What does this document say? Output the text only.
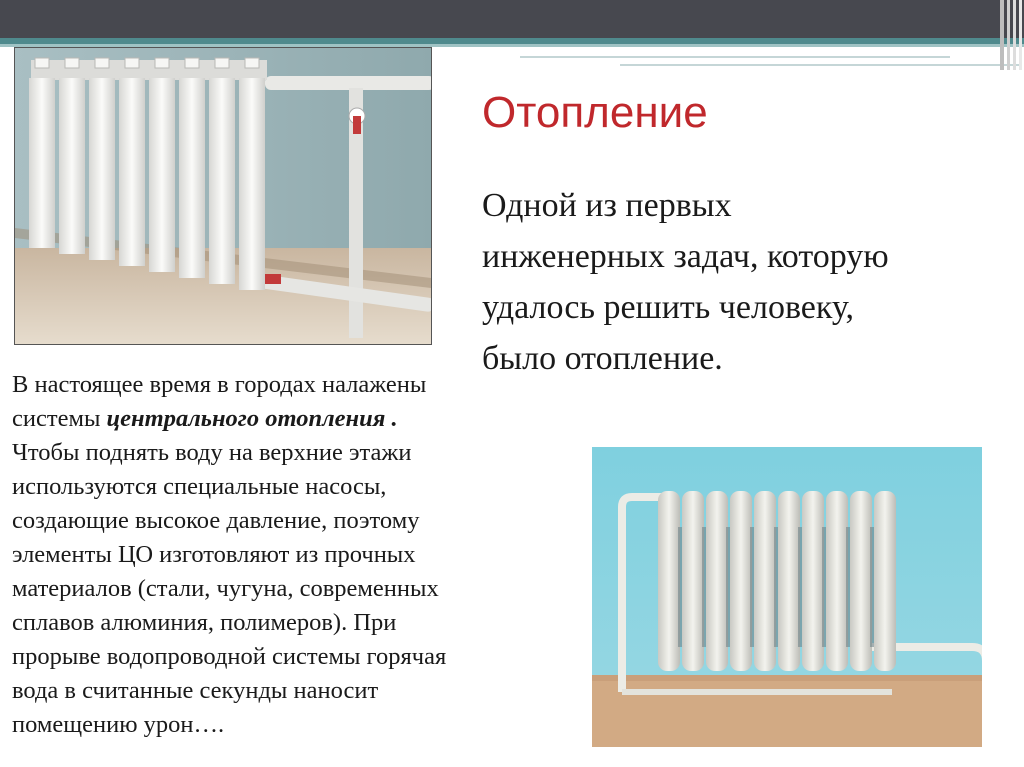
Отопление
Одной из первых
инженерных задач, которую
удалось решить человеку,
было отопление.
В настоящее время в городах налажены
системы центрального отопления .
Чтобы поднять воду на верхние этажи
используются специальные насосы,
создающие высокое давление, поэтому
элементы ЦО изготовляют из прочных
материалов (стали, чугуна, современных
сплавов алюминия, полимеров). При
прорыве водопроводной системы горячая
вода в считанные секунды наносит
помещению урон….
